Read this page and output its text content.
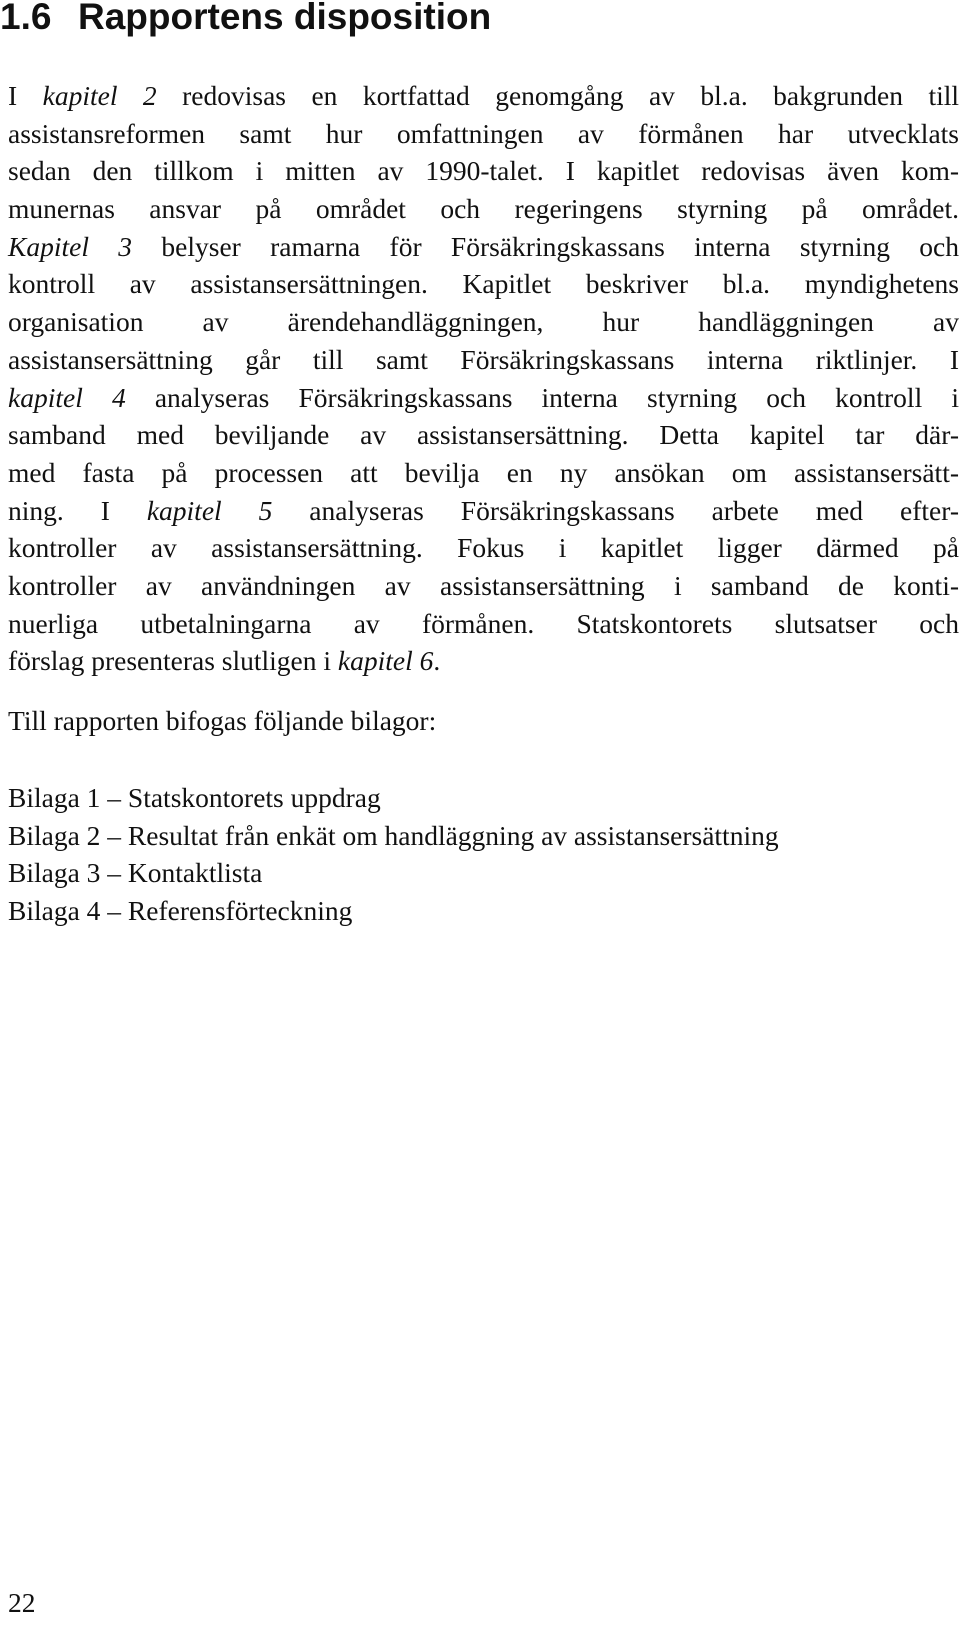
1.6 Rapportens disposition
I kapitel 2 redovisas en kortfattad genomgång av bl.a. bakgrunden till
assistansreformen samt hur omfattningen av förmånen har utvecklats
sedan den tillkom i mitten av 1990-talet. I kapitlet redovisas även kom-
munernas ansvar på området och regeringens styrning på området.
Kapitel 3 belyser ramarna för Försäkringskassans interna styrning och
kontroll av assistansersättningen. Kapitlet beskriver bl.a. myndighetens
organisation av ärendehandläggningen, hur handläggningen av
assistansersättning går till samt Försäkringskassans interna riktlinjer. I
kapitel 4 analyseras Försäkringskassans interna styrning och kontroll i
samband med beviljande av assistansersättning. Detta kapitel tar där-
med fasta på processen att bevilja en ny ansökan om assistansersätt-
ning. I kapitel 5 analyseras Försäkringskassans arbete med efter-
kontroller av assistansersättning. Fokus i kapitlet ligger därmed på
kontroller av användningen av assistansersättning i samband de konti-
nuerliga utbetalningarna av förmånen. Statskontorets slutsatser och
förslag presenteras slutligen i kapitel 6.

Till rapporten bifogas följande bilagor:

Bilaga 1 – Statskontorets uppdrag
Bilaga 2 – Resultat från enkät om handläggning av assistansersättning
Bilaga 3 – Kontaktlista
Bilaga 4 – Referensförteckning
22
